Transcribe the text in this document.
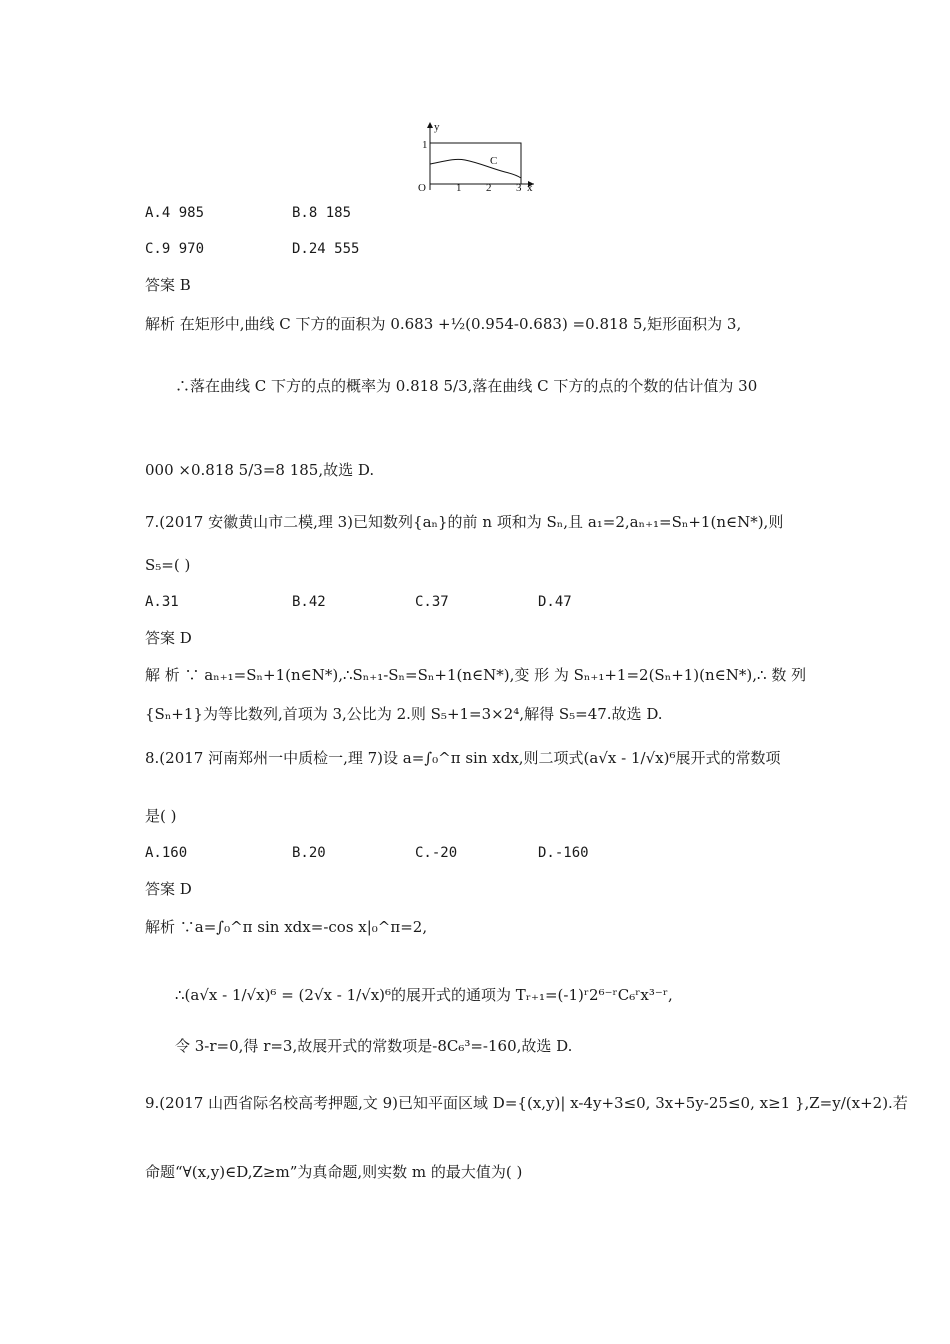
y
1
O	1 2 3 x
C
A.4 985	B.8 185
C.9 970	D.24 555
答案 B
解析 在矩形中,曲线 C 下方的面积为 0.683 +½(0.954-0.683) =0.818 5,矩形面积为 3,
∴落在曲线 C 下方的点的概率为 0.818 5/3,落在曲线 C 下方的点的个数的估计值为 30
000 ×0.818 5/3=8 185,故选 D.
7.(2017 安徽黄山市二模,理 3)已知数列{aₙ}的前 n 项和为 Sₙ,且 a₁=2,aₙ₊₁=Sₙ+1(n∈N*),则
S₅=( )
A.31	B.42	C.37	D.47
答案 D
解 析 ∵ aₙ₊₁=Sₙ+1(n∈N*),∴Sₙ₊₁-Sₙ=Sₙ+1(n∈N*),变 形 为 Sₙ₊₁+1=2(Sₙ+1)(n∈N*),∴ 数 列
{Sₙ+1}为等比数列,首项为 3,公比为 2.则 S₅+1=3×2⁴,解得 S₅=47.故选 D.
8.(2017 河南郑州一中质检一,理 7)设 a=∫₀^π sin xdx,则二项式(a√x - 1/√x)⁶展开式的常数项
是( )
A.160	B.20	C.-20	D.-160
答案 D
解析 ∵a=∫₀^π sin xdx=-cos x|₀^π=2,
∴(a√x - 1/√x)⁶ = (2√x - 1/√x)⁶的展开式的通项为 Tᵣ₊₁=(-1)ʳ2⁶⁻ʳC₆ʳx³⁻ʳ,
令 3-r=0,得 r=3,故展开式的常数项是-8C₆³=-160,故选 D.
9.(2017 山西省际名校高考押题,文 9)已知平面区域 D={(x,y)| x-4y+3≤0, 3x+5y-25≤0, x≥1 },Z=y/(x+2).若
命题“∀(x,y)∈D,Z≥m”为真命题,则实数 m 的最大值为( )
